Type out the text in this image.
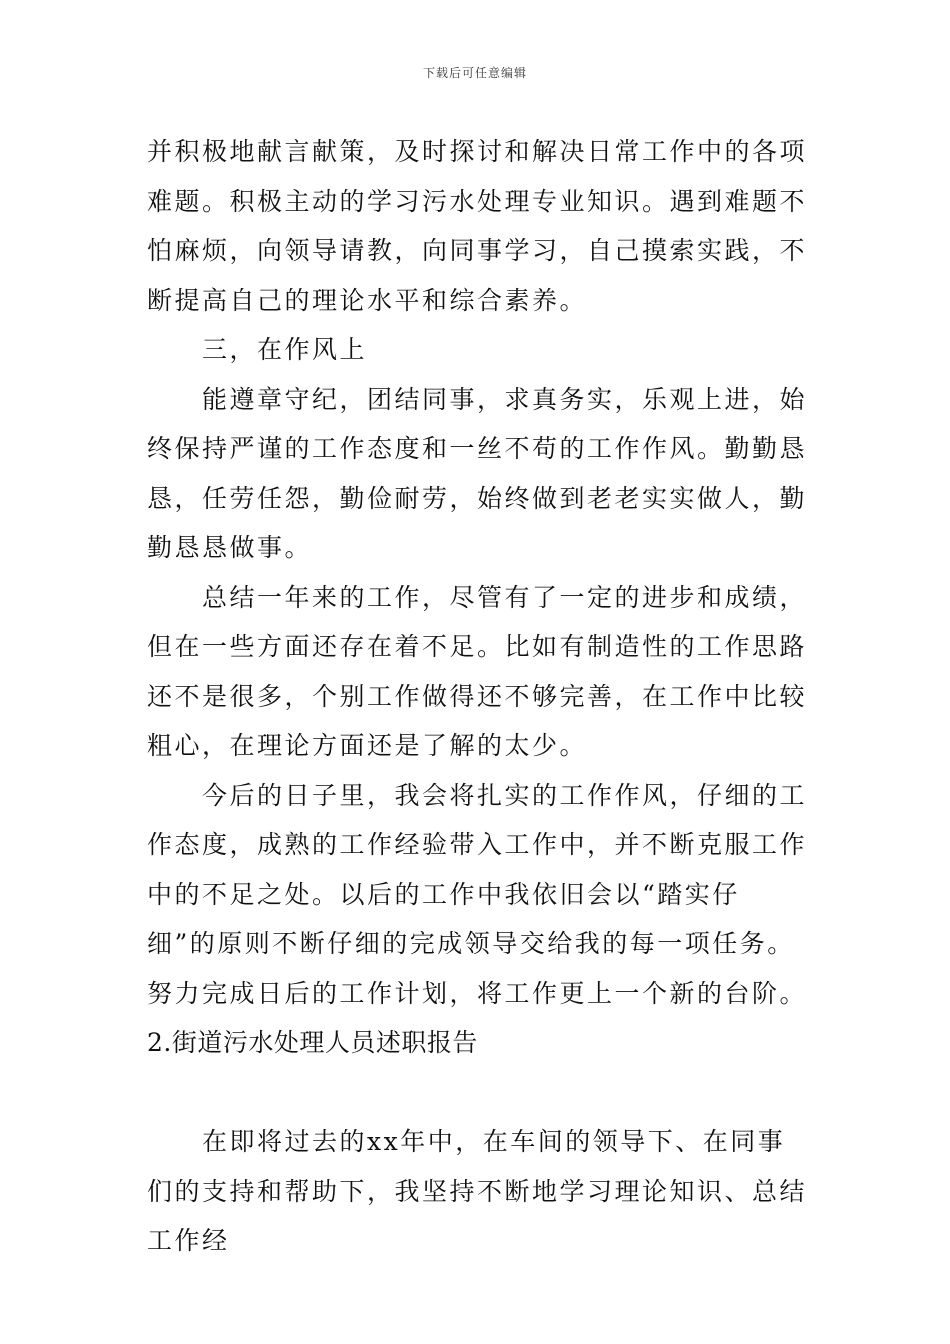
下载后可任意编辑

并积极地献言献策，及时探讨和解决日常工作中的各项难题。积极主动的学习污水处理专业知识。遇到难题不怕麻烦，向领导请教，向同事学习，自己摸索实践，不断提高自己的理论水平和综合素养。

三，在作风上

能遵章守纪，团结同事，求真务实，乐观上进，始终保持严谨的工作态度和一丝不苟的工作作风。勤勤恳恳，任劳任怨，勤俭耐劳，始终做到老老实实做人，勤勤恳恳做事。

总结一年来的工作，尽管有了一定的进步和成绩，但在一些方面还存在着不足。比如有制造性的工作思路还不是很多，个别工作做得还不够完善，在工作中比较粗心，在理论方面还是了解的太少。

今后的日子里，我会将扎实的工作作风，仔细的工作态度，成熟的工作经验带入工作中，并不断克服工作中的不足之处。以后的工作中我依旧会以“踏实仔细”的原则不断仔细的完成领导交给我的每一项任务。努力完成日后的工作计划，将工作更上一个新的台阶。

2.街道污水处理人员述职报告

在即将过去的xx年中，在车间的领导下、在同事们的支持和帮助下，我坚持不断地学习理论知识、总结工作经
